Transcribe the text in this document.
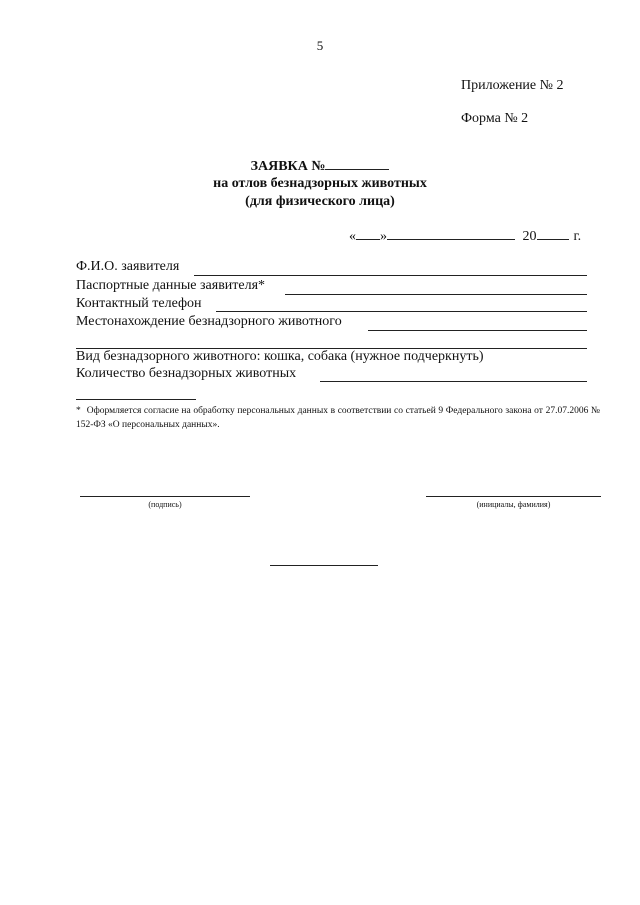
5
Приложение № 2
Форма № 2
ЗАЯВКА №
на отлов безнадзорных животных
(для физического лица)
« »	20	г.
Ф.И.О. заявителя
Паспортные данные заявителя*
Контактный телефон
Местонахождение безнадзорного животного
Вид безнадзорного животного: кошка, собака (нужное подчеркнуть)
Количество безнадзорных животных
* Оформляется согласие на обработку персональных данных в соответствии со статьей 9 Федерального закона от 27.07.2006 № 152-ФЗ «О персональных данных».
(подпись)	(инициалы, фамилия)
